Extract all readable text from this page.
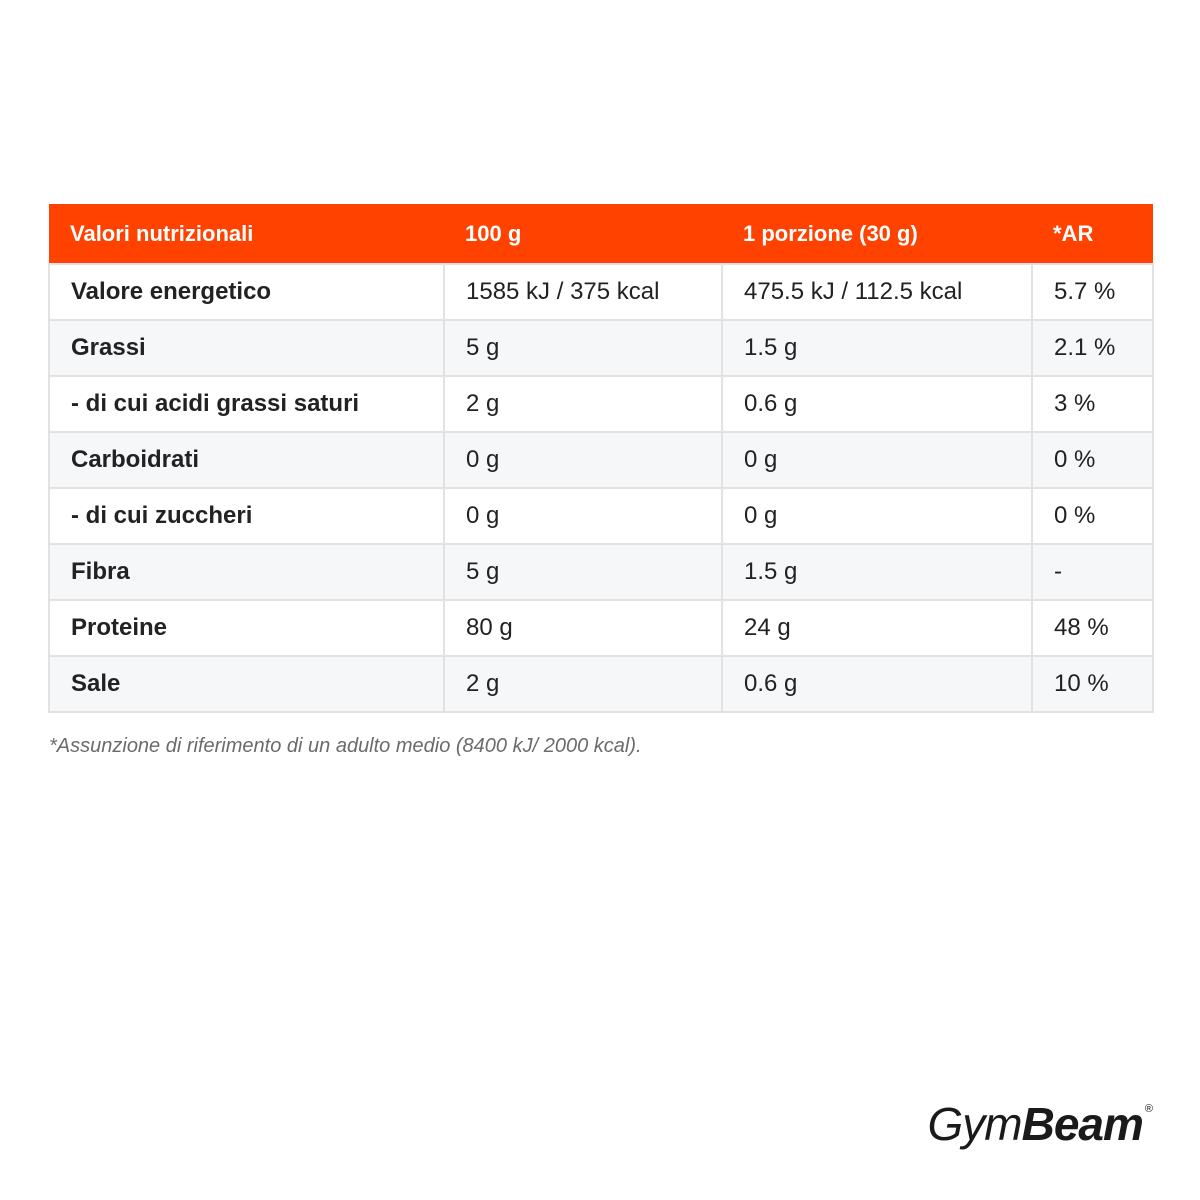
Valori nutrizionali	100 g	1 porzione (30 g)	*AR
Valore energetico	1585 kJ / 375 kcal	475.5 kJ / 112.5 kcal	5.7 %
Grassi	5 g	1.5 g	2.1 %
- di cui acidi grassi saturi	2 g	0.6 g	3 %
Carboidrati	0 g	0 g	0 %
- di cui zuccheri	0 g	0 g	0 %
Fibra	5 g	1.5 g	-
Proteine	80 g	24 g	48 %
Sale	2 g	0.6 g	10 %

*Assunzione di riferimento di un adulto medio (8400 kJ/ 2000 kcal).

Gym Beam ®
